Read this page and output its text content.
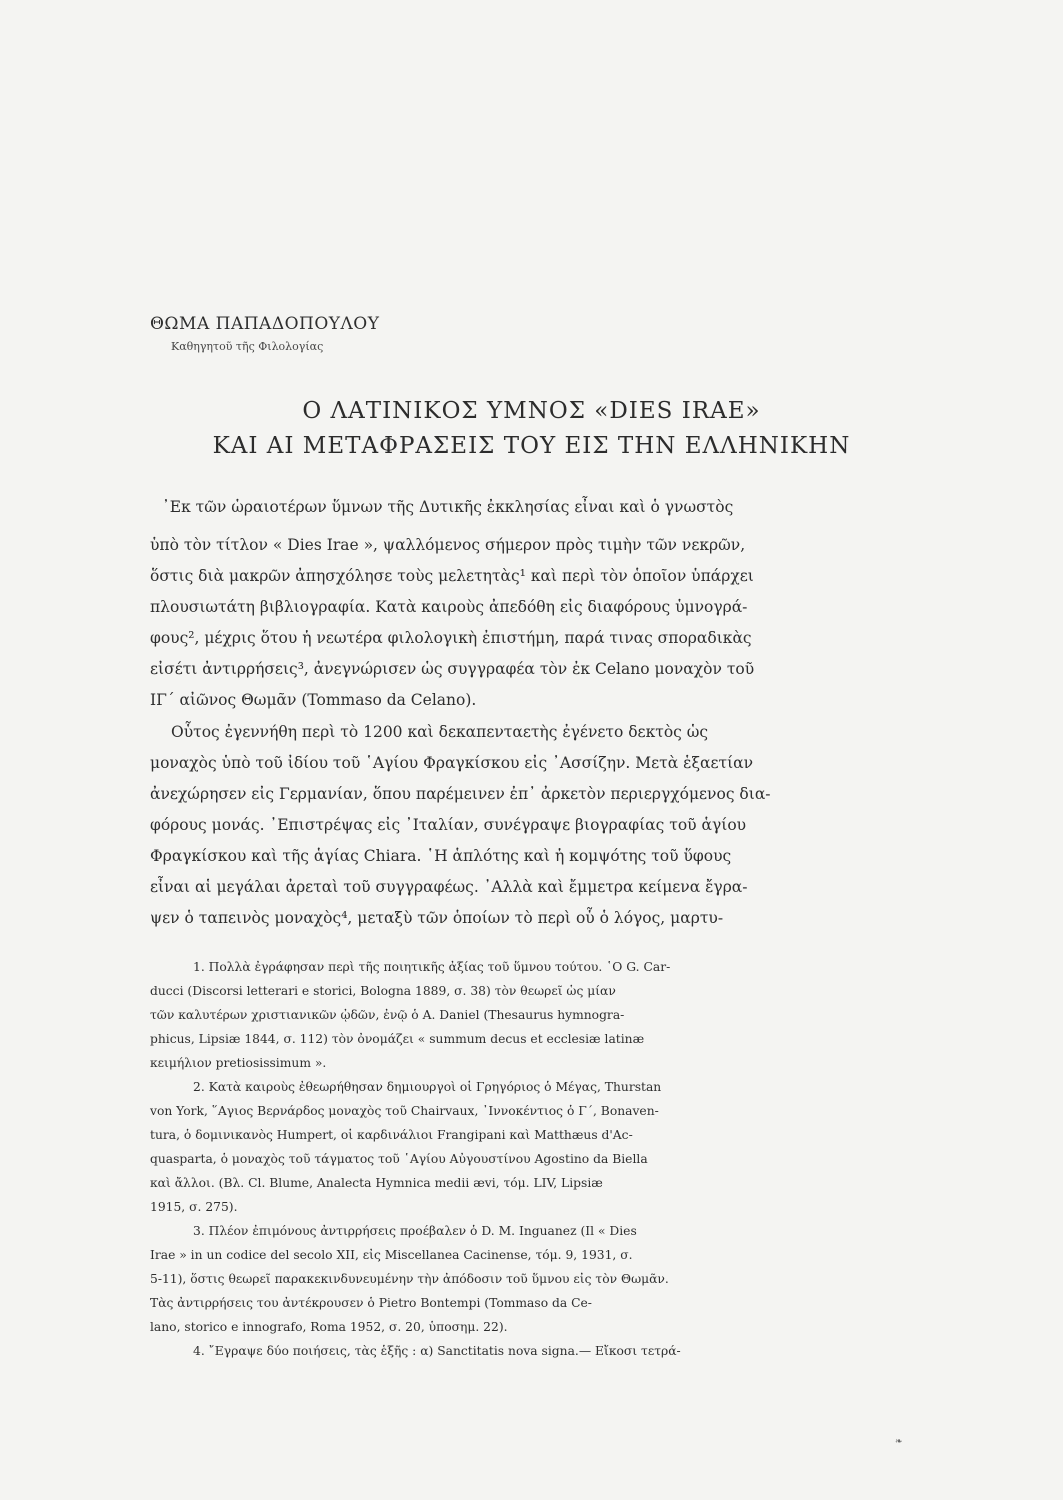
ΘΩΜΑ ΠΑΠΑΔΟΠΟΥΛΟΥ
Καθηγητοῦ τῆς Φιλολογίας
Ο ΛΑΤΙΝΙΚΟΣ ΥΜΝΟΣ «DIES IRAE»
ΚΑΙ ΑΙ ΜΕΤΑΦΡΑΣΕΙΣ ΤΟΥ ΕΙΣ ΤΗΝ ΕΛΛΗΝΙΚΗΝ
᾽Εκ τῶν ὡραιοτέρων ὕμνων τῆς Δυτικῆς ἐκκλησίας εἶναι καὶ ὁ γνωστὸς
ὑπὸ τὸν τίτλον « Dies Irae », ψαλλόμενος σήμερον πρὸς τιμὴν τῶν νεκρῶν,
ὅστις διὰ μακρῶν ἀπησχόλησε τοὺς μελετητὰς¹ καὶ περὶ τὸν ὁποῖον ὑπάρχει
πλουσιωτάτη βιβλιογραφία. Κατὰ καιροὺς ἀπεδόθη εἰς διαφόρους ὑμνογρά-
φους², μέχρις ὅτου ἡ νεωτέρα φιλολογικὴ ἐπιστήμη, παρά τινας σποραδικὰς
εἰσέτι ἀντιρρήσεις³, ἀνεγνώρισεν ὡς συγγραφέα τὸν ἐκ Celano μοναχὸν τοῦ
ΙΓ´ αἰῶνος Θωμᾶν (Tommaso da Celano).
Οὗτος ἐγεννήθη περὶ τὸ 1200 καὶ δεκαπενταετὴς ἐγένετο δεκτὸς ὡς
μοναχὸς ὑπὸ τοῦ ἰδίου τοῦ ῾Αγίου Φραγκίσκου εἰς ᾽Ασσίζην. Μετὰ ἑξαετίαν
ἀνεχώρησεν εἰς Γερμανίαν, ὅπου παρέμεινεν ἐπ᾽ ἀρκετὸν περιεργχόμενος δια-
φόρους μονάς. ᾽Επιστρέψας εἰς ᾽Ιταλίαν, συνέγραψε βιογραφίας τοῦ ἁγίου
Φραγκίσκου καὶ τῆς ἁγίας Chiara. ῾Η ἁπλότης καὶ ἡ κομψότης τοῦ ὕφους
εἶναι αἱ μεγάλαι ἀρεταὶ τοῦ συγγραφέως. ᾽Αλλὰ καὶ ἔμμετρα κείμενα ἔγρα-
ψεν ὁ ταπεινὸς μοναχὸς⁴, μεταξὺ τῶν ὁποίων τὸ περὶ οὗ ὁ λόγος, μαρτυ-
1. Πολλὰ ἐγράφησαν περὶ τῆς ποιητικῆς ἀξίας τοῦ ὕμνου τούτου. ῾Ο G. Car-
ducci (Discorsi letterari e storici, Bologna 1889, σ. 38) τὸν θεωρεῖ ὡς μίαν
τῶν καλυτέρων χριστιανικῶν ᾠδῶν, ἐνῷ ὁ A. Daniel (Thesaurus hymnogra-
phicus, Lipsiæ 1844, σ. 112) τὸν ὀνομάζει « summum decus et ecclesiæ latinæ
κειμήλιον pretiosissimum ».
2. Κατὰ καιροὺς ἐθεωρήθησαν δημιουργοὶ οἱ Γρηγόριος ὁ Μέγας, Thurstan
von York, ῞Αγιος Βερνάρδος μοναχὸς τοῦ Chairvaux, ᾽Ιννοκέντιος ὁ Γ´, Bonaven-
tura, ὁ δομινικανὸς Humpert, οἱ καρδινάλιοι Frangipani καὶ Matthæus d'Ac-
quasparta, ὁ μοναχὸς τοῦ τάγματος τοῦ ῾Αγίου Αὐγουστίνου Agostino da Biella
καὶ ἄλλοι. (Βλ. Cl. Blume, Analecta Hymnica medii ævi, τόμ. LIV, Lipsiæ
1915, σ. 275).
3. Πλέον ἐπιμόνους ἀντιρρήσεις προέβαλεν ὁ D. M. Inguanez (Il « Dies
Irae » in un codice del secolo XII, εἰς Miscellanea Cacinense, τόμ. 9, 1931, σ.
5-11), ὅστις θεωρεῖ παρακεκινδυνευμένην τὴν ἀπόδοσιν τοῦ ὕμνου εἰς τὸν Θωμᾶν.
Τὰς ἀντιρρήσεις του ἀντέκρουσεν ὁ Pietro Bontempi (Tommaso da Ce-
lano, storico e innografo, Roma 1952, σ. 20, ὑποσημ. 22).
4. ῎Εγραψε δύο ποιήσεις, τὰς ἑξῆς : α) Sanctitatis nova signa.— Εἴκοσι τετρά-
❧
